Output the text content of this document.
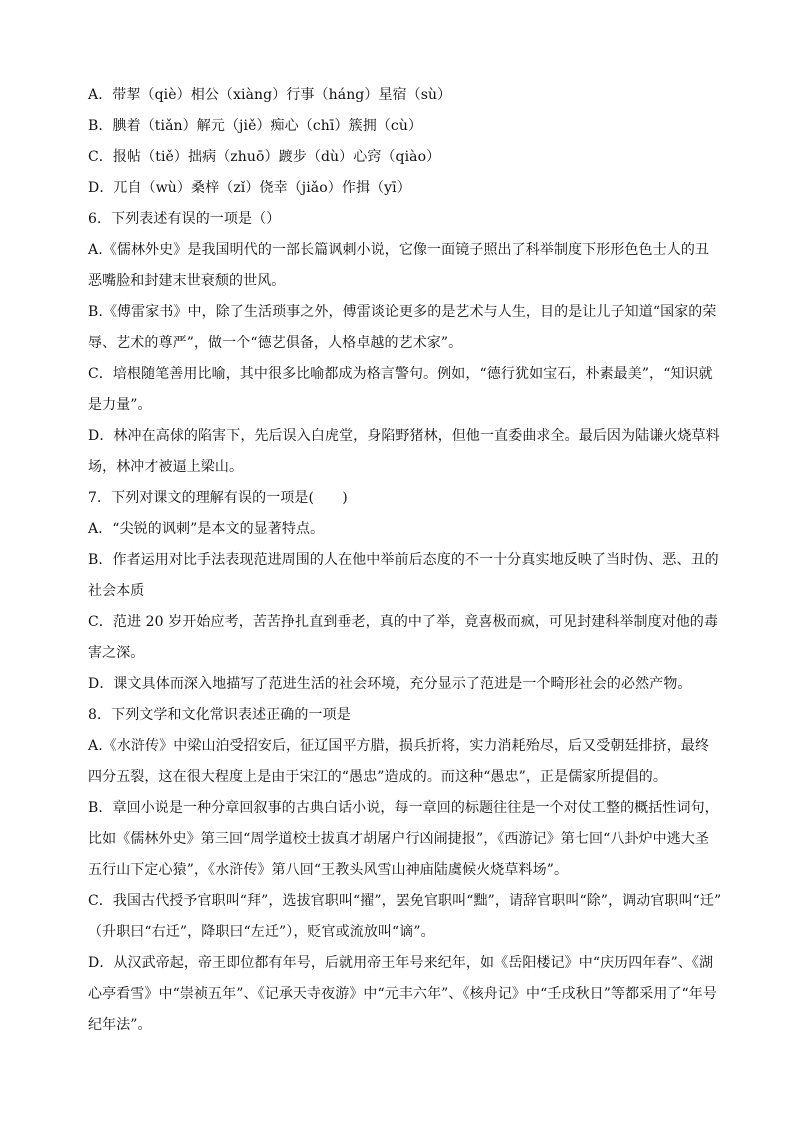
A．带挈（qiè）相公（xiàng）行事（háng）星宿（sù）
B．腆着（tiǎn）解元（jiě）痴心（chī）簇拥（cù）
C．报帖（tiě）拙病（zhuō）踱步（dù）心窍（qiào）
D．兀自（wù）桑梓（zǐ）侥幸（jiǎo）作揖（yī）
6．下列表述有误的一项是（）
A.《儒林外史》是我国明代的一部长篇讽刺小说，它像一面镜子照出了科举制度下形形色色士人的丑
恶嘴脸和封建末世衰颓的世风。
B.《傅雷家书》中，除了生活琐事之外，傅雷谈论更多的是艺术与人生，目的是让儿子知道“国家的荣
辱、艺术的尊严”，做一个“德艺俱备，人格卓越的艺术家”。
C．培根随笔善用比喻，其中很多比喻都成为格言警句。例如，“德行犹如宝石，朴素最美”，“知识就
是力量”。
D．林冲在高俅的陷害下，先后误入白虎堂，身陷野猪林，但他一直委曲求全。最后因为陆谦火烧草料
场，林冲才被逼上梁山。
7．下列对课文的理解有误的一项是(　　)
A．“尖锐的讽刺”是本文的显著特点。
B．作者运用对比手法表现范进周围的人在他中举前后态度的不一十分真实地反映了当时伪、恶、丑的
社会本质
C．范进 20 岁开始应考，苦苦挣扎直到垂老，真的中了举，竟喜极而疯，可见封建科举制度对他的毒
害之深。
D．课文具体而深入地描写了范进生活的社会环境，充分显示了范进是一个畸形社会的必然产物。
8．下列文学和文化常识表述正确的一项是
A.《水浒传》中梁山泊受招安后，征辽国平方腊，损兵折将，实力消耗殆尽，后又受朝廷排挤，最终
四分五裂，这在很大程度上是由于宋江的“愚忠”造成的。而这种“愚忠”，正是儒家所提倡的。
B．章回小说是一种分章回叙事的古典白话小说，每一章回的标题往往是一个对仗工整的概括性词句，
比如《儒林外史》第三回“周学道校士拔真才胡屠户行凶闹捷报”，《西游记》第七回“八卦炉中逃大圣
五行山下定心猿”，《水浒传》第八回“王教头风雪山神庙陆虞候火烧草料场”。
C．我国古代授予官职叫“拜”，选拔官职叫“擢”，罢免官职叫“黜”，请辞官职叫“除”，调动官职叫“迁”
（升职曰“右迁”，降职曰“左迁”），贬官或流放叫“谪”。
D．从汉武帝起，帝王即位都有年号，后就用帝王年号来纪年，如《岳阳楼记》中“庆历四年春”、《湖
心亭看雪》中“崇祯五年”、《记承天寺夜游》中“元丰六年”、《核舟记》中“壬戌秋日”等都采用了“年号
纪年法”。
